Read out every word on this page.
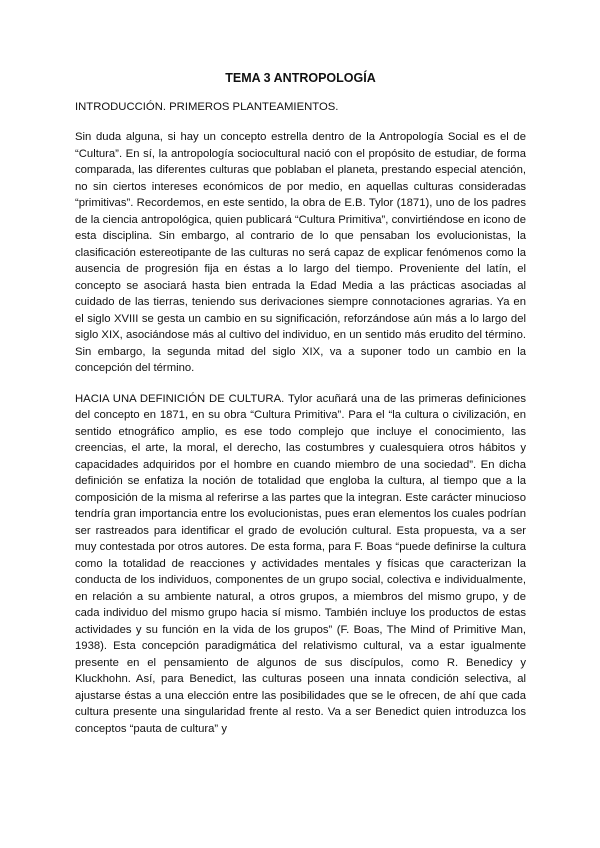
TEMA 3 ANTROPOLOGÍA
INTRODUCCIÓN. PRIMEROS PLANTEAMIENTOS.

Sin duda alguna, si hay un concepto estrella dentro de la Antropología Social es el de “Cultura”. En sí, la antropología sociocultural nació con el propósito de estudiar, de forma comparada, las diferentes culturas que poblaban el planeta, prestando especial atención, no sin ciertos intereses económicos de por medio, en aquellas culturas consideradas “primitivas”. Recordemos, en este sentido, la obra de E.B. Tylor (1871), uno de los padres de la ciencia antropológica, quien publicará “Cultura Primitiva”, convirtiéndose en icono de esta disciplina. Sin embargo, al contrario de lo que pensaban los evolucionistas, la clasificación estereotipante de las culturas no será capaz de explicar fenómenos como la ausencia de progresión fija en éstas a lo largo del tiempo. Proveniente del latín, el concepto se asociará hasta bien entrada la Edad Media a las prácticas asociadas al cuidado de las tierras, teniendo sus derivaciones siempre connotaciones agrarias. Ya en el siglo XVIII se gesta un cambio en su significación, reforzándose aún más a lo largo del siglo XIX, asociándose más al cultivo del individuo, en un sentido más erudito del término. Sin embargo, la segunda mitad del siglo XIX, va a suponer todo un cambio en la concepción del término.

HACIA UNA DEFINICIÓN DE CULTURA. Tylor acuñará una de las primeras definiciones del concepto en 1871, en su obra “Cultura Primitiva”. Para el “la cultura o civilización, en sentido etnográfico amplio, es ese todo complejo que incluye el conocimiento, las creencias, el arte, la moral, el derecho, las costumbres y cualesquiera otros hábitos y capacidades adquiridos por el hombre en cuando miembro de una sociedad”. En dicha definición se enfatiza la noción de totalidad que engloba la cultura, al tiempo que a la composición de la misma al referirse a las partes que la integran. Este carácter minucioso tendría gran importancia entre los evolucionistas, pues eran elementos los cuales podrían ser rastreados para identificar el grado de evolución cultural. Esta propuesta, va a ser muy contestada por otros autores. De esta forma, para F. Boas “puede definirse la cultura como la totalidad de reacciones y actividades mentales y físicas que caracterizan la conducta de los individuos, componentes de un grupo social, colectiva e individualmente, en relación a su ambiente natural, a otros grupos, a miembros del mismo grupo, y de cada individuo del mismo grupo hacia sí mismo. También incluye los productos de estas actividades y su función en la vida de los grupos” (F. Boas, The Mind of Primitive Man, 1938). Esta concepción paradigmática del relativismo cultural, va a estar igualmente presente en el pensamiento de algunos de sus discípulos, como R. Benedicy y Kluckhohn. Así, para Benedict, las culturas poseen una innata condición selectiva, al ajustarse éstas a una elección entre las posibilidades que se le ofrecen, de ahí que cada cultura presente una singularidad frente al resto. Va a ser Benedict quien introduzca los conceptos “pauta de cultura” y
